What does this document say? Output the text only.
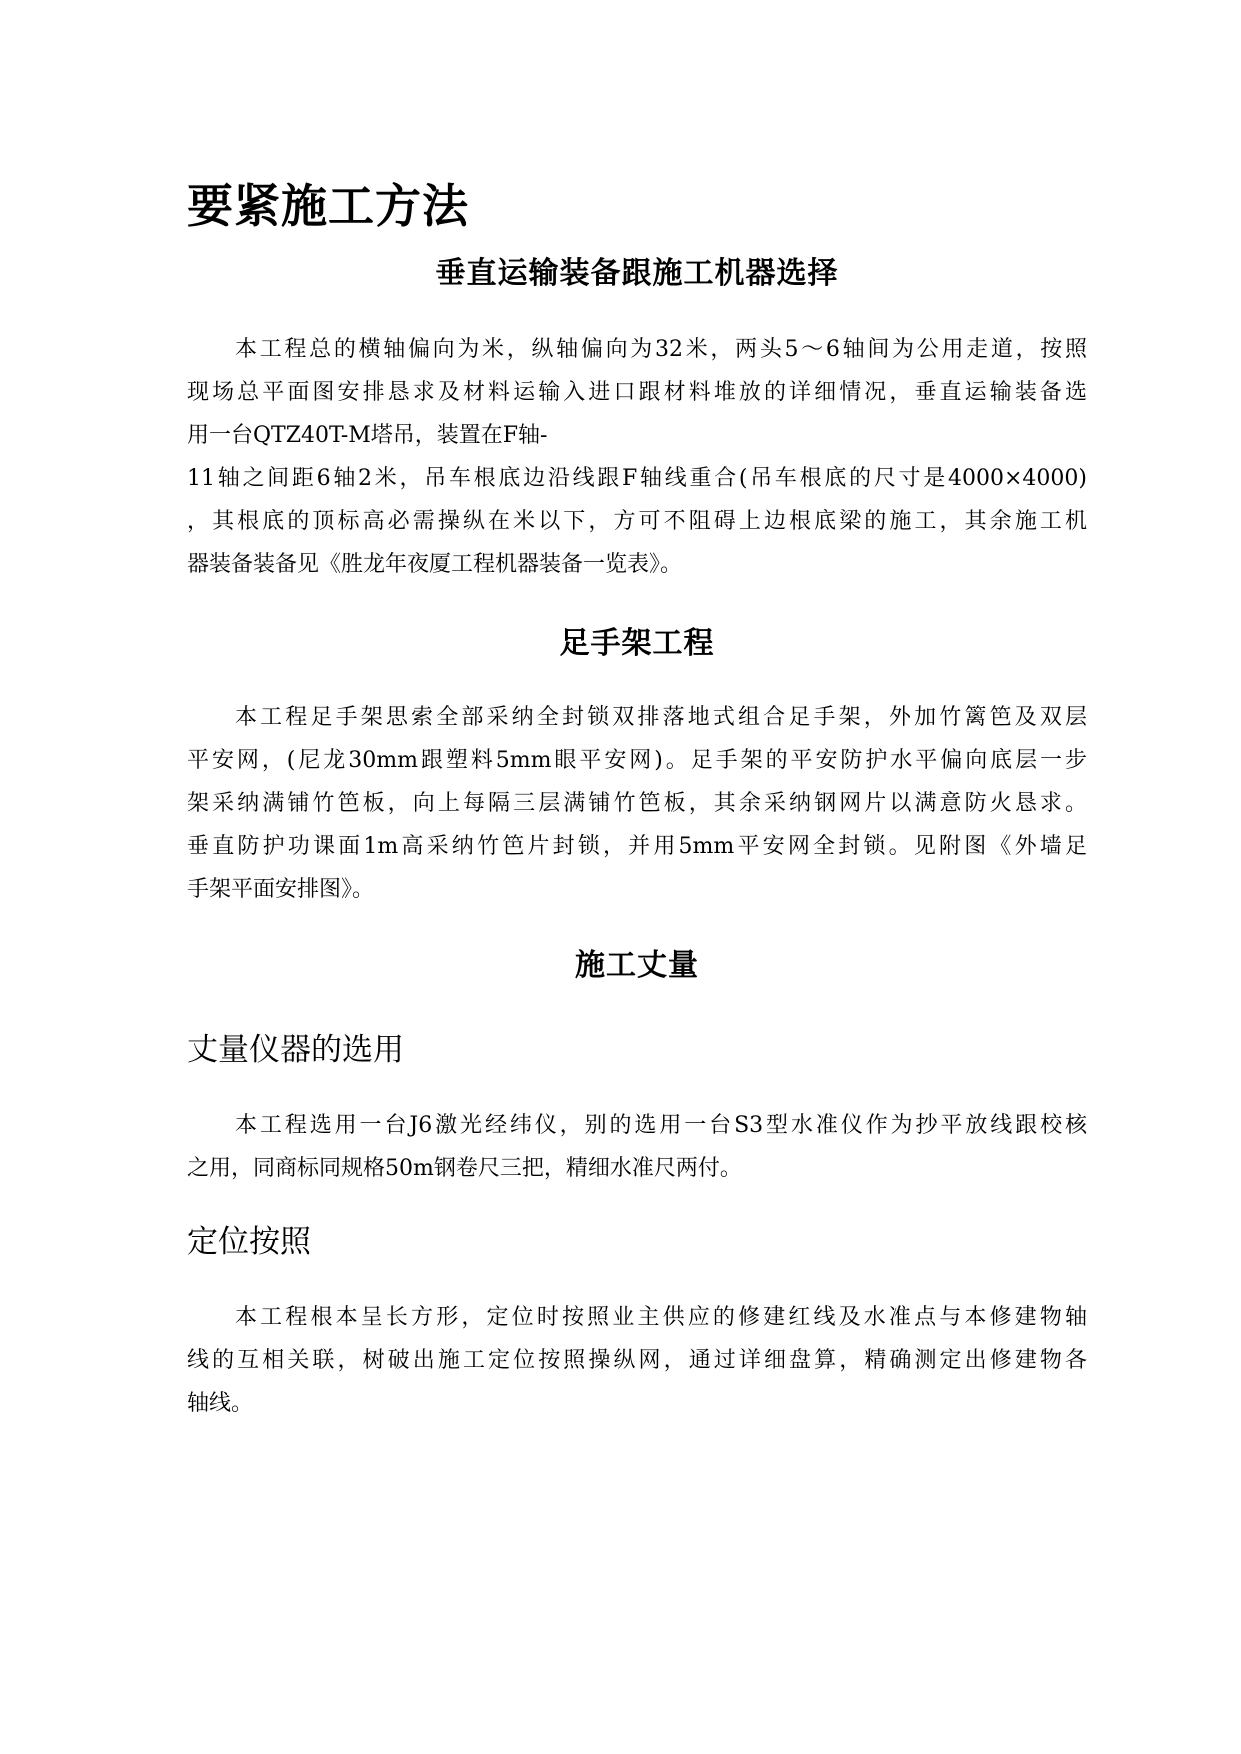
要紧施工方法
垂直运输装备跟施工机器选择
本工程总的横轴偏向为米，纵轴偏向为32米，两头5～6轴间为公用走道，按照
现场总平面图安排恳求及材料运输入进口跟材料堆放的详细情况，垂直运输装备选
用一台QTZ40T-M塔吊，装置在F轴-
11轴之间距6轴2米，吊车根底边沿线跟F轴线重合(吊车根底的尺寸是4000×4000)
，其根底的顶标高必需操纵在米以下，方可不阻碍上边根底梁的施工，其余施工机
器装备装备见《胜龙年夜厦工程机器装备一览表》。
足手架工程
本工程足手架思索全部采纳全封锁双排落地式组合足手架，外加竹篱笆及双层
平安网，(尼龙30mm跟塑料5mm眼平安网)。足手架的平安防护水平偏向底层一步
架采纳满铺竹笆板，向上每隔三层满铺竹笆板，其余采纳钢网片以满意防火恳求。
垂直防护功课面1m高采纳竹笆片封锁，并用5mm平安网全封锁。见附图《外墙足
手架平面安排图》。
施工丈量
丈量仪器的选用
本工程选用一台J6激光经纬仪，别的选用一台S3型水准仪作为抄平放线跟校核
之用，同商标同规格50m钢卷尺三把，精细水准尺两付。
定位按照
本工程根本呈长方形，定位时按照业主供应的修建红线及水准点与本修建物轴
线的互相关联，树破出施工定位按照操纵网，通过详细盘算，精确测定出修建物各
轴线。
